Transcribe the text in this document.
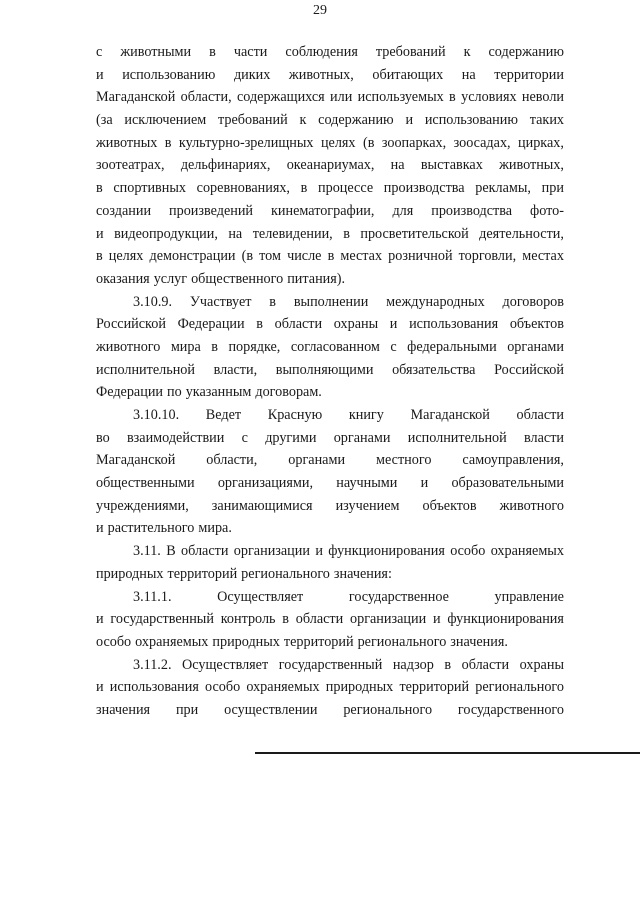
29
с животными в части соблюдения требований к содержанию
и использованию диких животных, обитающих на территории
Магаданской области, содержащихся или используемых в условиях неволи
(за исключением требований к содержанию и использованию таких
животных в культурно-зрелищных целях (в зоопарках, зоосадах, цирках,
зоотеатрах, дельфинариях, океанариумах, на выставках животных,
в спортивных соревнованиях, в процессе производства рекламы, при
создании произведений кинематографии, для производства фото-
и видеопродукции, на телевидении, в просветительской деятельности,
в целях демонстрации (в том числе в местах розничной торговли, местах
оказания услуг общественного питания).
3.10.9. Участвует в выполнении международных договоров
Российской Федерации в области охраны и использования объектов
животного мира в порядке, согласованном с федеральными органами
исполнительной власти, выполняющими обязательства Российской
Федерации по указанным договорам.
3.10.10. Ведет Красную книгу Магаданской области
во взаимодействии с другими органами исполнительной власти
Магаданской области, органами местного самоуправления,
общественными организациями, научными и образовательными
учреждениями, занимающимися изучением объектов животного
и растительного мира.
3.11. В области организации и функционирования особо охраняемых
природных территорий регионального значения:
3.11.1.	Осуществляет	государственное	управление
и государственный контроль в области организации и функционирования
особо охраняемых природных территорий регионального значения.
3.11.2. Осуществляет государственный надзор в области охраны
и использования особо охраняемых природных территорий регионального
значения при осуществлении регионального государственного
